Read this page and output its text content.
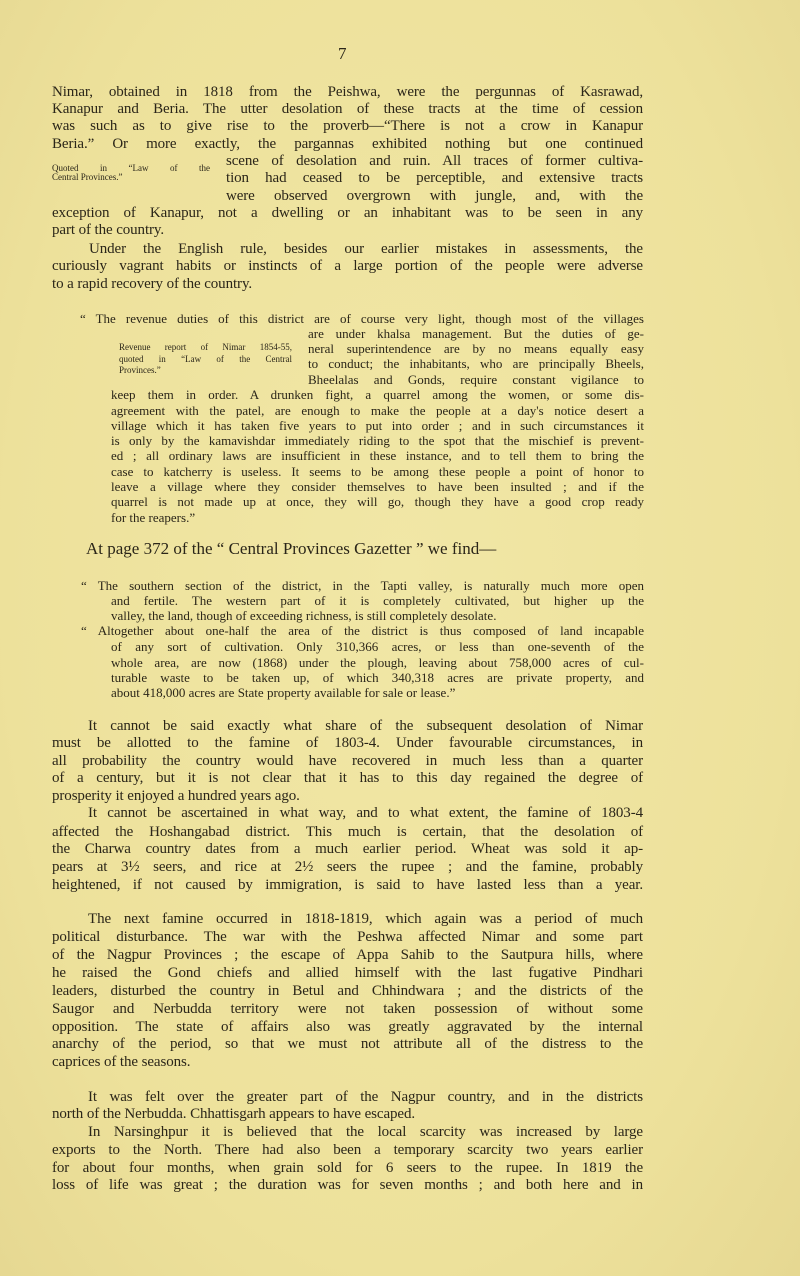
7
Nimar, obtained in 1818 from the Peishwa, were the pergunnas of Kasrawad,
Kanapur and Beria. The utter desolation of these tracts at the time of cession
was such as to give rise to the proverb—“There is not a crow in Kanapur
Beria.” Or more exactly, the pargannas exhibited nothing but one continued
scene of desolation and ruin. All traces of former cultiva-
tion had ceased to be perceptible, and extensive tracts
were observed overgrown with jungle, and, with the
exception of Kanapur, not a dwelling or an inhabitant was to be seen in any
part of the country.
Under the English rule, besides our earlier mistakes in assessments, the
curiously vagrant habits or instincts of a large portion of the people were adverse
to a rapid recovery of the country.
Quoted in “Law of the
Central Provinces.”
“ The revenue duties of this district are of course very light, though most of the villages
are under khalsa management. But the duties of ge-
neral superintendence are by no means equally easy
to conduct; the inhabitants, who are principally Bheels,
Bheelalas and Gonds, require constant vigilance to
keep them in order. A drunken fight, a quarrel among the women, or some dis-
agreement with the patel, are enough to make the people at a day's notice desert a
village which it has taken five years to put into order ; and in such circumstances it
is only by the kamavishdar immediately riding to the spot that the mischief is prevent-
ed ; all ordinary laws are insufficient in these instance, and to tell them to bring the
case to katcherry is useless. It seems to be among these people a point of honor to
leave a village where they consider themselves to have been insulted ; and if the
quarrel is not made up at once, they will go, though they have a good crop ready
for the reapers.”
Revenue report of Nimar 1854-55,
quoted in “Law of the Central
Provinces.”
At page 372 of the “ Central Provinces Gazetter ” we find—
“ The southern section of the district, in the Tapti valley, is naturally much more open
and fertile. The western part of it is completely cultivated, but higher up the
valley, the land, though of exceeding richness, is still completely desolate.
“ Altogether about one-half the area of the district is thus composed of land incapable
of any sort of cultivation. Only 310,366 acres, or less than one-seventh of the
whole area, are now (1868) under the plough, leaving about 758,000 acres of cul-
turable waste to be taken up, of which 340,318 acres are private property, and
about 418,000 acres are State property available for sale or lease.”
It cannot be said exactly what share of the subsequent desolation of Nimar
must be allotted to the famine of 1803-4. Under favourable circumstances, in
all probability the country would have recovered in much less than a quarter
of a century, but it is not clear that it has to this day regained the degree of
prosperity it enjoyed a hundred years ago.
It cannot be ascertained in what way, and to what extent, the famine of 1803-4
affected the Hoshangabad district. This much is certain, that the desolation of
the Charwa country dates from a much earlier period. Wheat was sold it ap-
pears at 3½ seers, and rice at 2½ seers the rupee ; and the famine, probably
heightened, if not caused by immigration, is said to have lasted less than a year.
The next famine occurred in 1818-1819, which again was a period of much
political disturbance. The war with the Peshwa affected Nimar and some part
of the Nagpur Provinces ; the escape of Appa Sahib to the Sautpura hills, where
he raised the Gond chiefs and allied himself with the last fugative Pindhari
leaders, disturbed the country in Betul and Chhindwara ; and the districts of the
Saugor and Nerbudda territory were not taken possession of without some
opposition. The state of affairs also was greatly aggravated by the internal
anarchy of the period, so that we must not attribute all of the distress to the
caprices of the seasons.
It was felt over the greater part of the Nagpur country, and in the districts
north of the Nerbudda. Chhattisgarh appears to have escaped.
In Narsinghpur it is believed that the local scarcity was increased by large
exports to the North. There had also been a temporary scarcity two years earlier
for about four months, when grain sold for 6 seers to the rupee. In 1819 the
loss of life was great ; the duration was for seven months ; and both here and in
